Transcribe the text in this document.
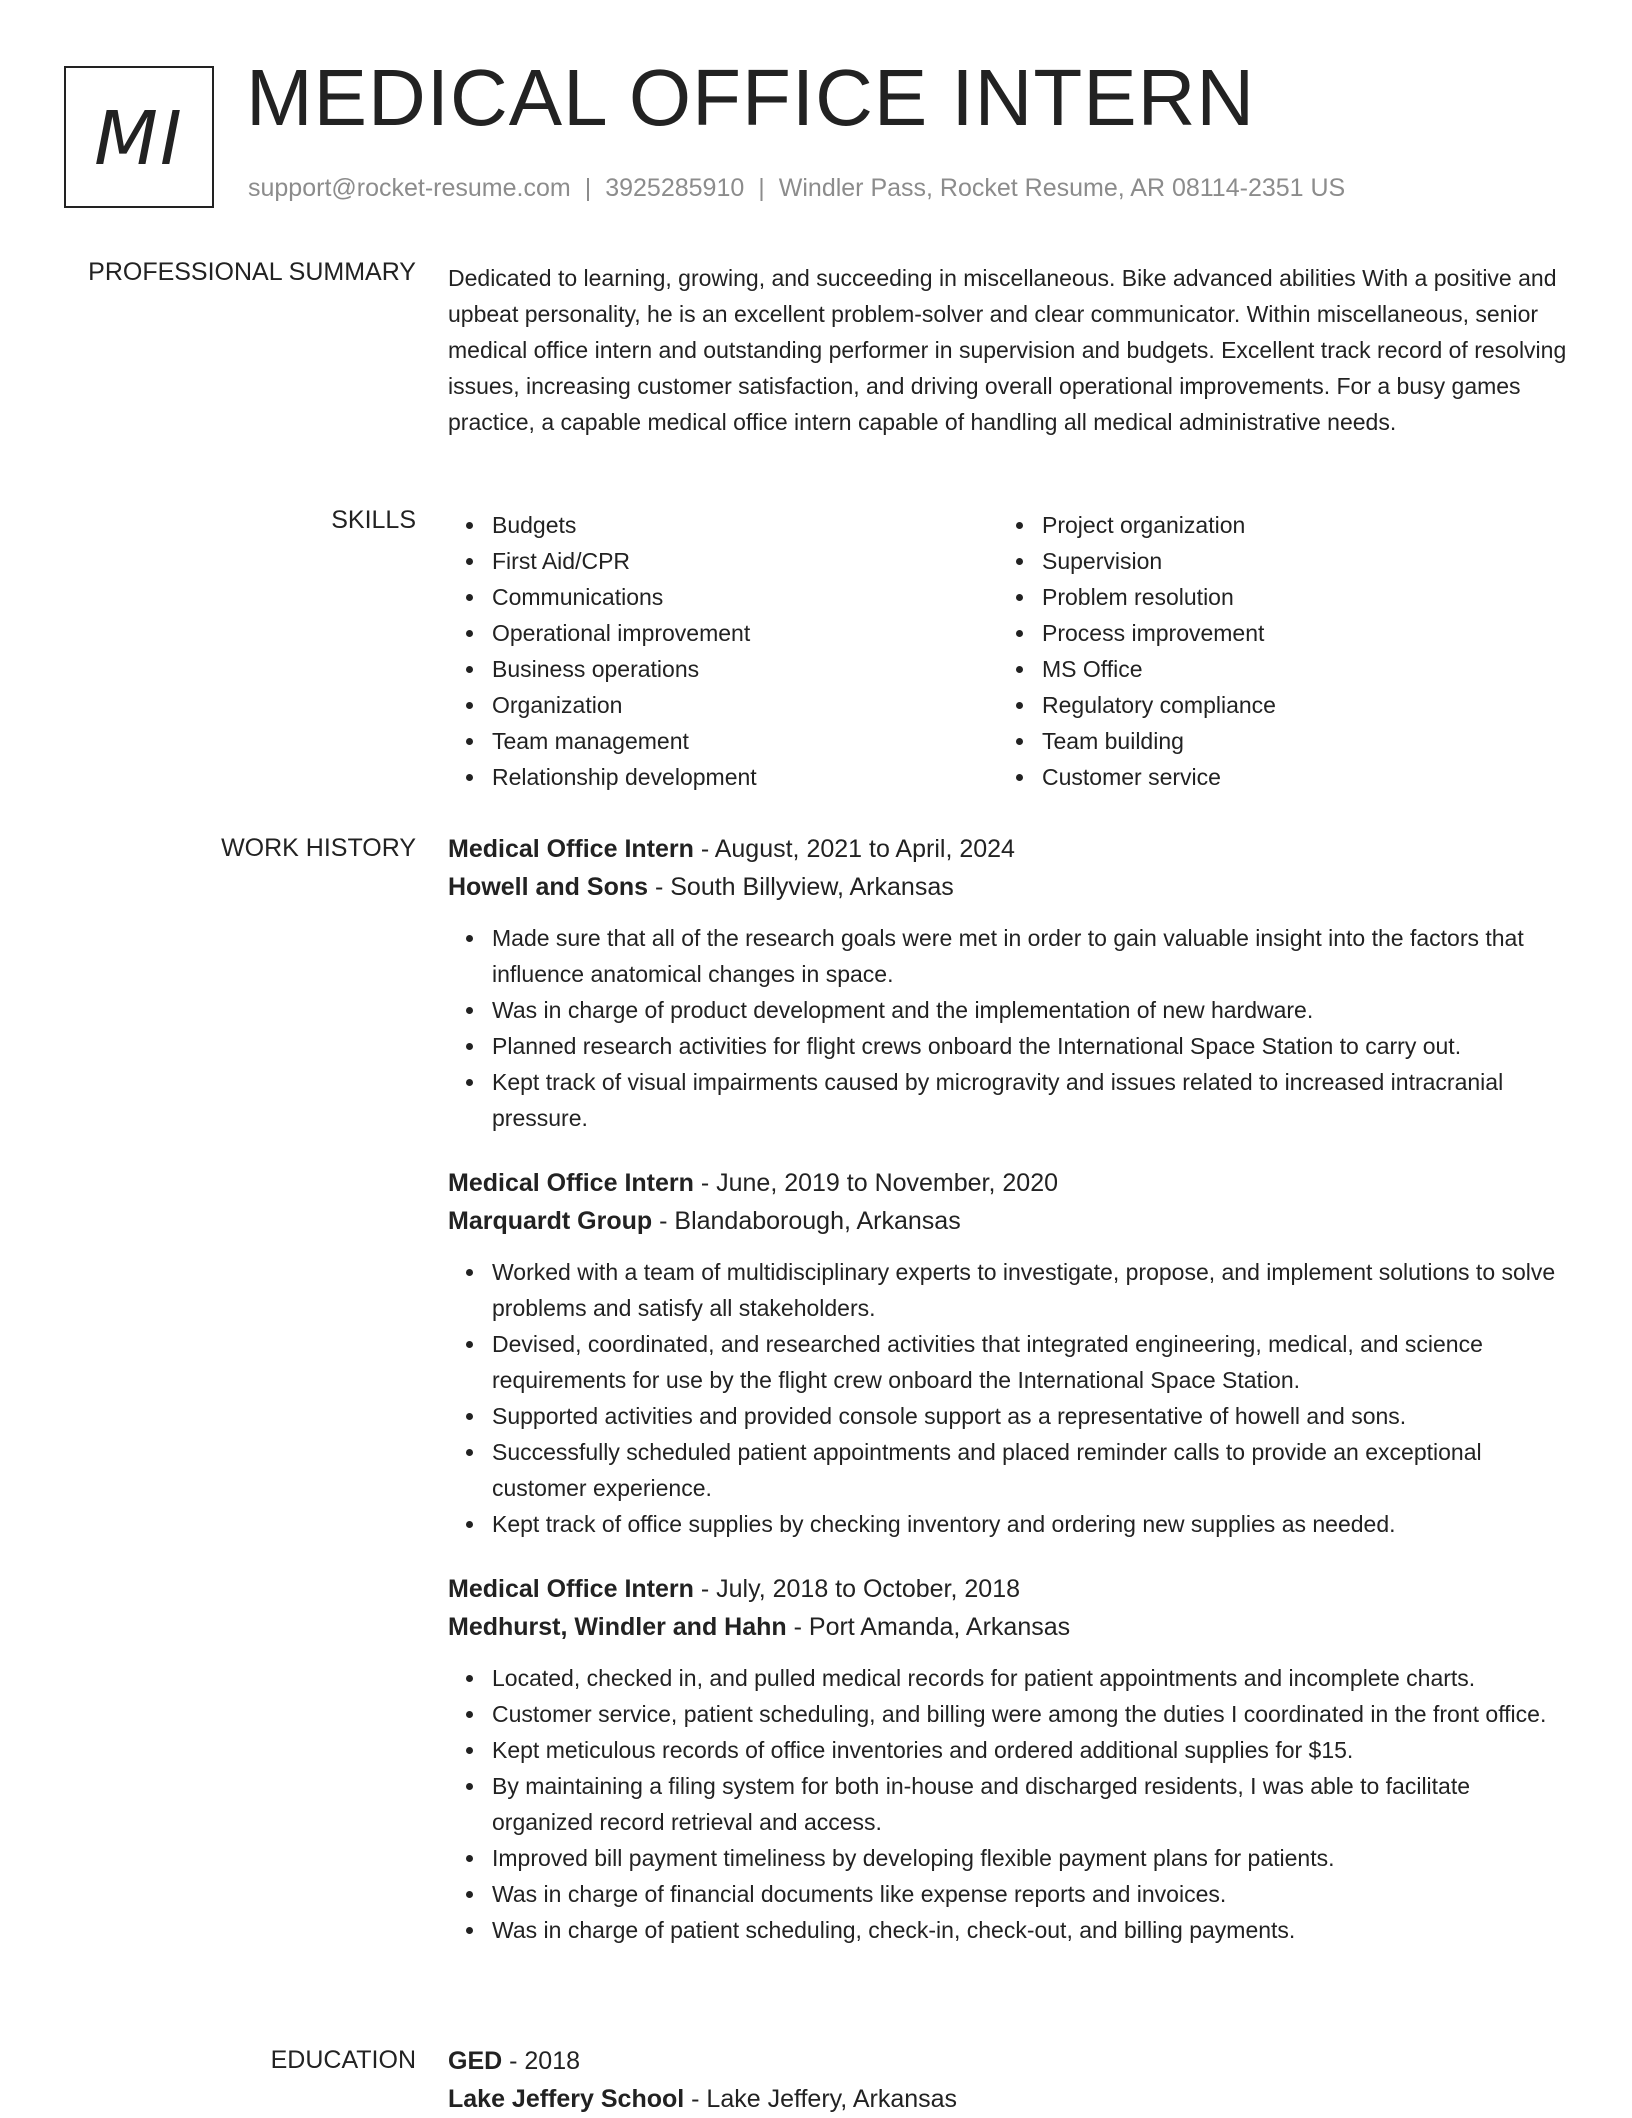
MI MEDICAL OFFICE INTERN
support@rocket-resume.com | 3925285910 | Windler Pass, Rocket Resume, AR 08114-2351 US
PROFESSIONAL SUMMARY Dedicated to learning, growing, and succeeding in miscellaneous. Bike advanced abilities With a positive and upbeat personality, he is an excellent problem-solver and clear communicator. Within miscellaneous, senior medical office intern and outstanding performer in supervision and budgets. Excellent track record of resolving issues, increasing customer satisfaction, and driving overall operational improvements. For a busy games practice, a capable medical office intern capable of handling all medical administrative needs.

SKILLS	Budgets
First Aid/CPR
Communications
Operational improvement
Business operations
Organization
Team management
Relationship development
Project organization
Supervision
Problem resolution
Process improvement
MS Office
Regulatory compliance
Team building
Customer service
WORK HISTORY Medical Office Intern - August, 2021 to April, 2024
Howell and Sons - South Billyview, Arkansas
Made sure that all of the research goals were met in order to gain valuable insight into the factors that influence anatomical changes in space.
Was in charge of product development and the implementation of new hardware.
Planned research activities for flight crews onboard the International Space Station to carry out.
Kept track of visual impairments caused by microgravity and issues related to increased intracranial pressure.
Medical Office Intern - June, 2019 to November, 2020
Marquardt Group - Blandaborough, Arkansas
Worked with a team of multidisciplinary experts to investigate, propose, and implement solutions to solve problems and satisfy all stakeholders.
Devised, coordinated, and researched activities that integrated engineering, medical, and science requirements for use by the flight crew onboard the International Space Station.
Supported activities and provided console support as a representative of howell and sons.
Successfully scheduled patient appointments and placed reminder calls to provide an exceptional customer experience.
Kept track of office supplies by checking inventory and ordering new supplies as needed.
Medical Office Intern - July, 2018 to October, 2018
Medhurst, Windler and Hahn - Port Amanda, Arkansas
Located, checked in, and pulled medical records for patient appointments and incomplete charts.
Customer service, patient scheduling, and billing were among the duties I coordinated in the front office.
Kept meticulous records of office inventories and ordered additional supplies for $15.
By maintaining a filing system for both in-house and discharged residents, I was able to facilitate organized record retrieval and access.
Improved bill payment timeliness by developing flexible payment plans for patients.
Was in charge of financial documents like expense reports and invoices.
Was in charge of patient scheduling, check-in, check-out, and billing payments.
EDUCATION GED - 2018
Lake Jeffery School - Lake Jeffery, Arkansas
